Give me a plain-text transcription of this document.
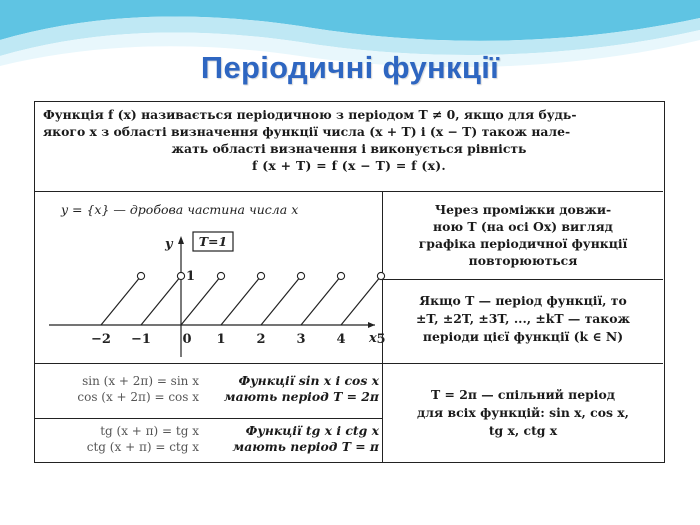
Періодичні функції
Функція f (x) називається періодичною з періодом T ≠ 0, якщо для будь-
якого x з області визначення функції числа (x + T) і (x − T) також нале-
жать області визначення і виконується рівність
f (x + T) = f (x − T) = f (x).
y = {x} — дробова частина числа x
T=1
y
x
1
−2 −1 0 1 2 3 4 5
Через проміжки довжи-
ною T (на осі Ox) вигляд
графіка періодичної функції
повторюються
Якщо T — період функції, то
±T, ±2T, ±3T, ..., ±kT — також
періоди цієї функції (k ∈ N)
sin (x + 2π) = sin x
cos (x + 2π) = cos x
Функції sin x і cos x
мають період T = 2π
tg (x + π) = tg x
ctg (x + π) = ctg x
Функції tg x і ctg x
мають період T = π
T = 2π — спільний період
для всіх функцій: sin x, cos x,
tg x, ctg x
